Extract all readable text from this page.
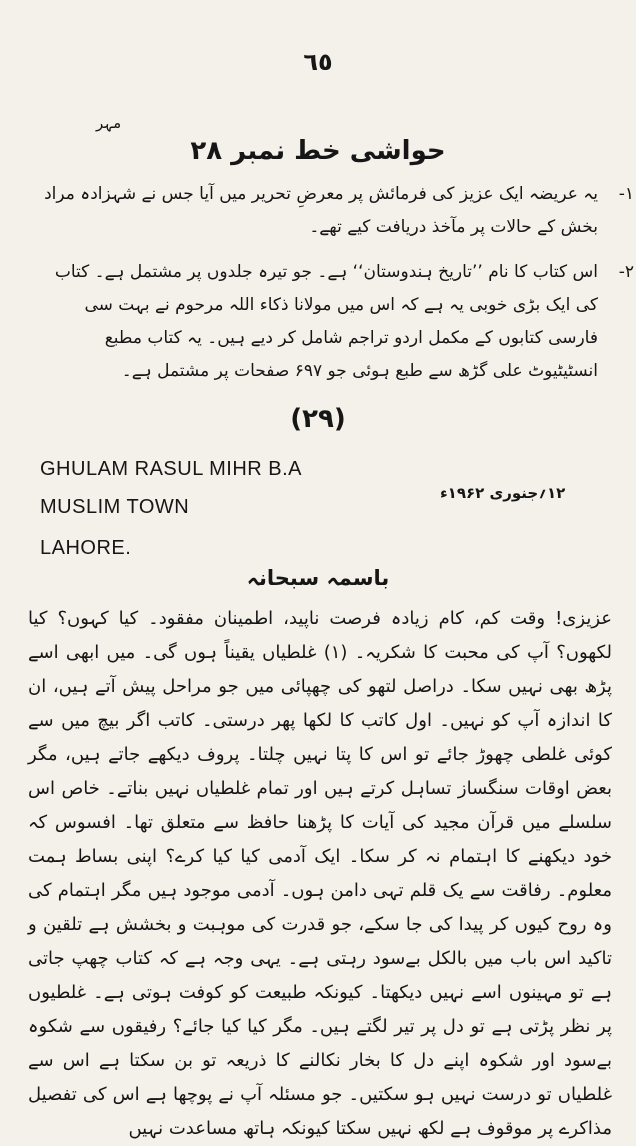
٦٥
مہر
حواشی خط نمبر ۲۸
۱-
یہ عریضہ ایک عزیز کی فرمائش پر معرضِ تحریر میں آیا جس نے شہزادہ مراد بخش کے حالات پر مآخذ دریافت کیے تھے۔
۲-
اس کتاب کا نام ’’تاریخ ہندوستان‘‘ ہے۔ جو تیرہ جلدوں پر مشتمل ہے۔ کتاب کی ایک بڑی خوبی یہ ہے کہ اس میں مولانا ذکاء اللہ مرحوم نے بہت سی فارسی کتابوں کے مکمل اردو تراجم شامل کر دیے ہیں۔ یہ کتاب مطبع انسٹیٹیوٹ علی گڑھ سے طبع ہوئی جو ۶۹۷ صفحات پر مشتمل ہے۔
(۲۹)
GHULAM RASUL MIHR B.A
MUSLIM TOWN
LAHORE.
۱۲؍جنوری ۱۹۶۲ء
باسمہ سبحانہ
عزیزی! وقت کم، کام زیادہ فرصت ناپید، اطمینان مفقود۔ کیا کہوں؟ کیا لکھوں؟ آپ کی محبت کا شکریہ۔ (۱) غلطیاں یقیناً ہوں گی۔ میں ابھی اسے پڑھ بھی نہیں سکا۔ دراصل لتھو کی چھپائی میں جو مراحل پیش آتے ہیں، ان کا اندازہ آپ کو نہیں۔ اول کاتب کا لکھا پھر درستی۔ کاتب اگر بیچ میں سے کوئی غلطی چھوڑ جائے تو اس کا پتا نہیں چلتا۔ پروف دیکھے جاتے ہیں، مگر بعض اوقات سنگساز تساہل کرتے ہیں اور تمام غلطیاں نہیں بناتے۔ خاص اس سلسلے میں قرآن مجید کی آیات کا پڑھنا حافظ سے متعلق تھا۔ افسوس کہ خود دیکھنے کا اہتمام نہ کر سکا۔ ایک آدمی کیا کیا کرے؟ اپنی بساط ہمت معلوم۔ رفاقت سے یک قلم تہی دامن ہوں۔ آدمی موجود ہیں مگر اہتمام کی وہ روح کیوں کر پیدا کی جا سکے، جو قدرت کی موہبت و بخشش ہے تلقین و تاکید اس باب میں بالکل بےسود رہتی ہے۔ یہی وجہ ہے کہ کتاب چھپ جاتی ہے تو مہینوں اسے نہیں دیکھتا۔ کیونکہ طبیعت کو کوفت ہوتی ہے۔ غلطیوں پر نظر پڑتی ہے تو دل پر تیر لگتے ہیں۔ مگر کیا کیا جائے؟ رفیقوں سے شکوہ بےسود اور شکوہ اپنے دل کا بخار نکالنے کا ذریعہ تو بن سکتا ہے اس سے غلطیاں تو درست نہیں ہو سکتیں۔ جو مسئلہ آپ نے پوچھا ہے اس کی تفصیل مذاکرے پر موقوف ہے لکھ نہیں سکتا کیونکہ ہاتھ مساعدت نہیں
